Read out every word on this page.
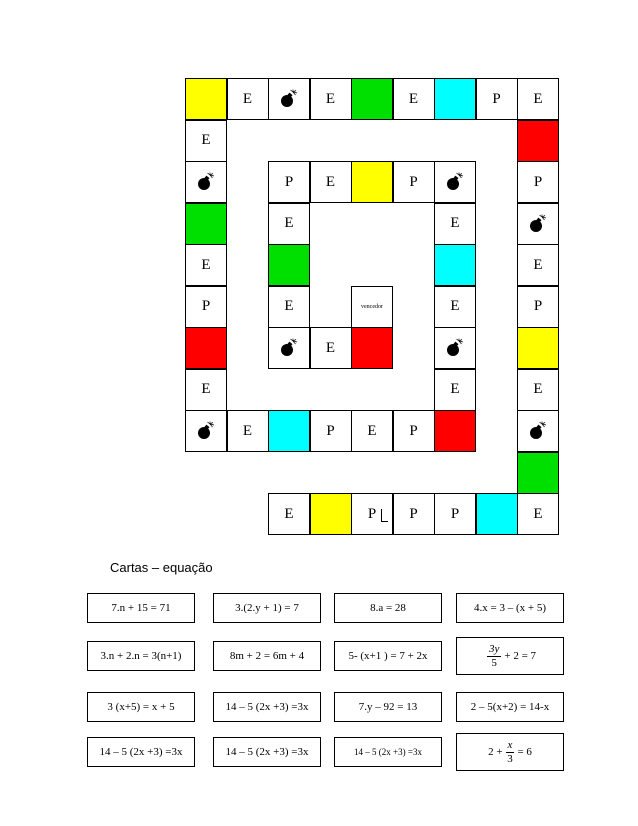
E	E	E	P E
E
P E	P	P
E	E
E	E
P	E	vencedor	E	P
E
E	E	E
E	P E P
E	P P P	E
Cartas – equação
7.n + 15 = 71	3.(2.y + 1) = 7	8.a = 28	4.x = 3 – (x + 5)
3.n + 2.n = 3(n+1)	8m + 2 = 6m + 4	5- (x+1 ) = 7 + 2x	$\frac{3y}{5} + 2 = 7$
3 (x+5) = x + 5	14 – 5 (2x +3) =3x	7.y – 92 = 13	2 – 5(x+2) = 14-x
14 – 5 (2x +3) =3x	14 – 5 (2x +3) =3x	14 – 5 (2x +3) =3x	$2 + \frac{x}{3} = 6$
